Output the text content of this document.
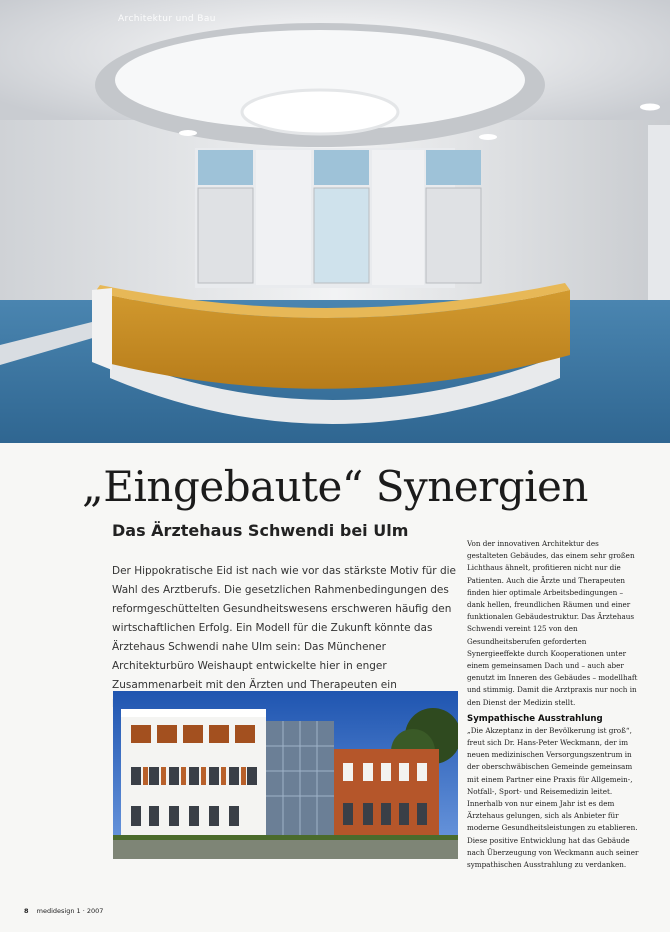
Architektur und Bau
„Eingebaute“ Synergien
Das Ärztehaus Schwendi bei Ulm

Der Hippokratische Eid ist nach wie vor das stärkste Motiv für die Wahl des Arztberufs. Die gesetzlichen Rahmenbedingungen des reformgeschüttelten Gesundheitswesens erschweren häufig den wirtschaftlichen Erfolg. Ein Modell für die Zukunft könnte das Ärztehaus Schwendi nahe Ulm sein: Das Münchener Architekturbüro Weishaupt entwickelte hier in enger Zusammenarbeit mit den Ärzten und Therapeuten ein

Von der innovativen Architektur des gestalteten Gebäudes, das einem sehr großen Lichthaus ähnelt, profitieren nicht nur die Patienten. Auch die Ärzte und Therapeuten finden hier optimale Arbeitsbedingungen – dank hellen, freundlichen Räumen und einer funktionalen Gebäudestruktur. Das Ärztehaus Schwendi vereint 125 von den Gesundheitsberufen geforderten Synergieeffekte durch Kooperationen unter einem gemeinsamen Dach und – auch aber genutzt im Inneren des Gebäudes – modellhaft und stimmig. Damit die Arztpraxis nur noch in den Dienst der Medizin stellt.

Sympathische Ausstrahlung

„Die Akzeptanz in der Bevölkerung ist groß“, freut sich Dr. Hans-Peter Weckmann, der im neuen medizinischen Versorgungszentrum in der oberschwäbischen Gemeinde gemeinsam mit einem Partner eine Praxis für Allgemein-, Notfall-, Sport- und Reisemedizin leitet. Innerhalb von nur einem Jahr ist es dem Ärztehaus gelungen, sich als Anbieter für moderne Gesundheitsleistungen zu etablieren. Diese positive Entwicklung hat das Gebäude nach Überzeugung von Weckmann auch seiner sympathischen Ausstrahlung zu verdanken.

8 medidesign 1 · 2007
